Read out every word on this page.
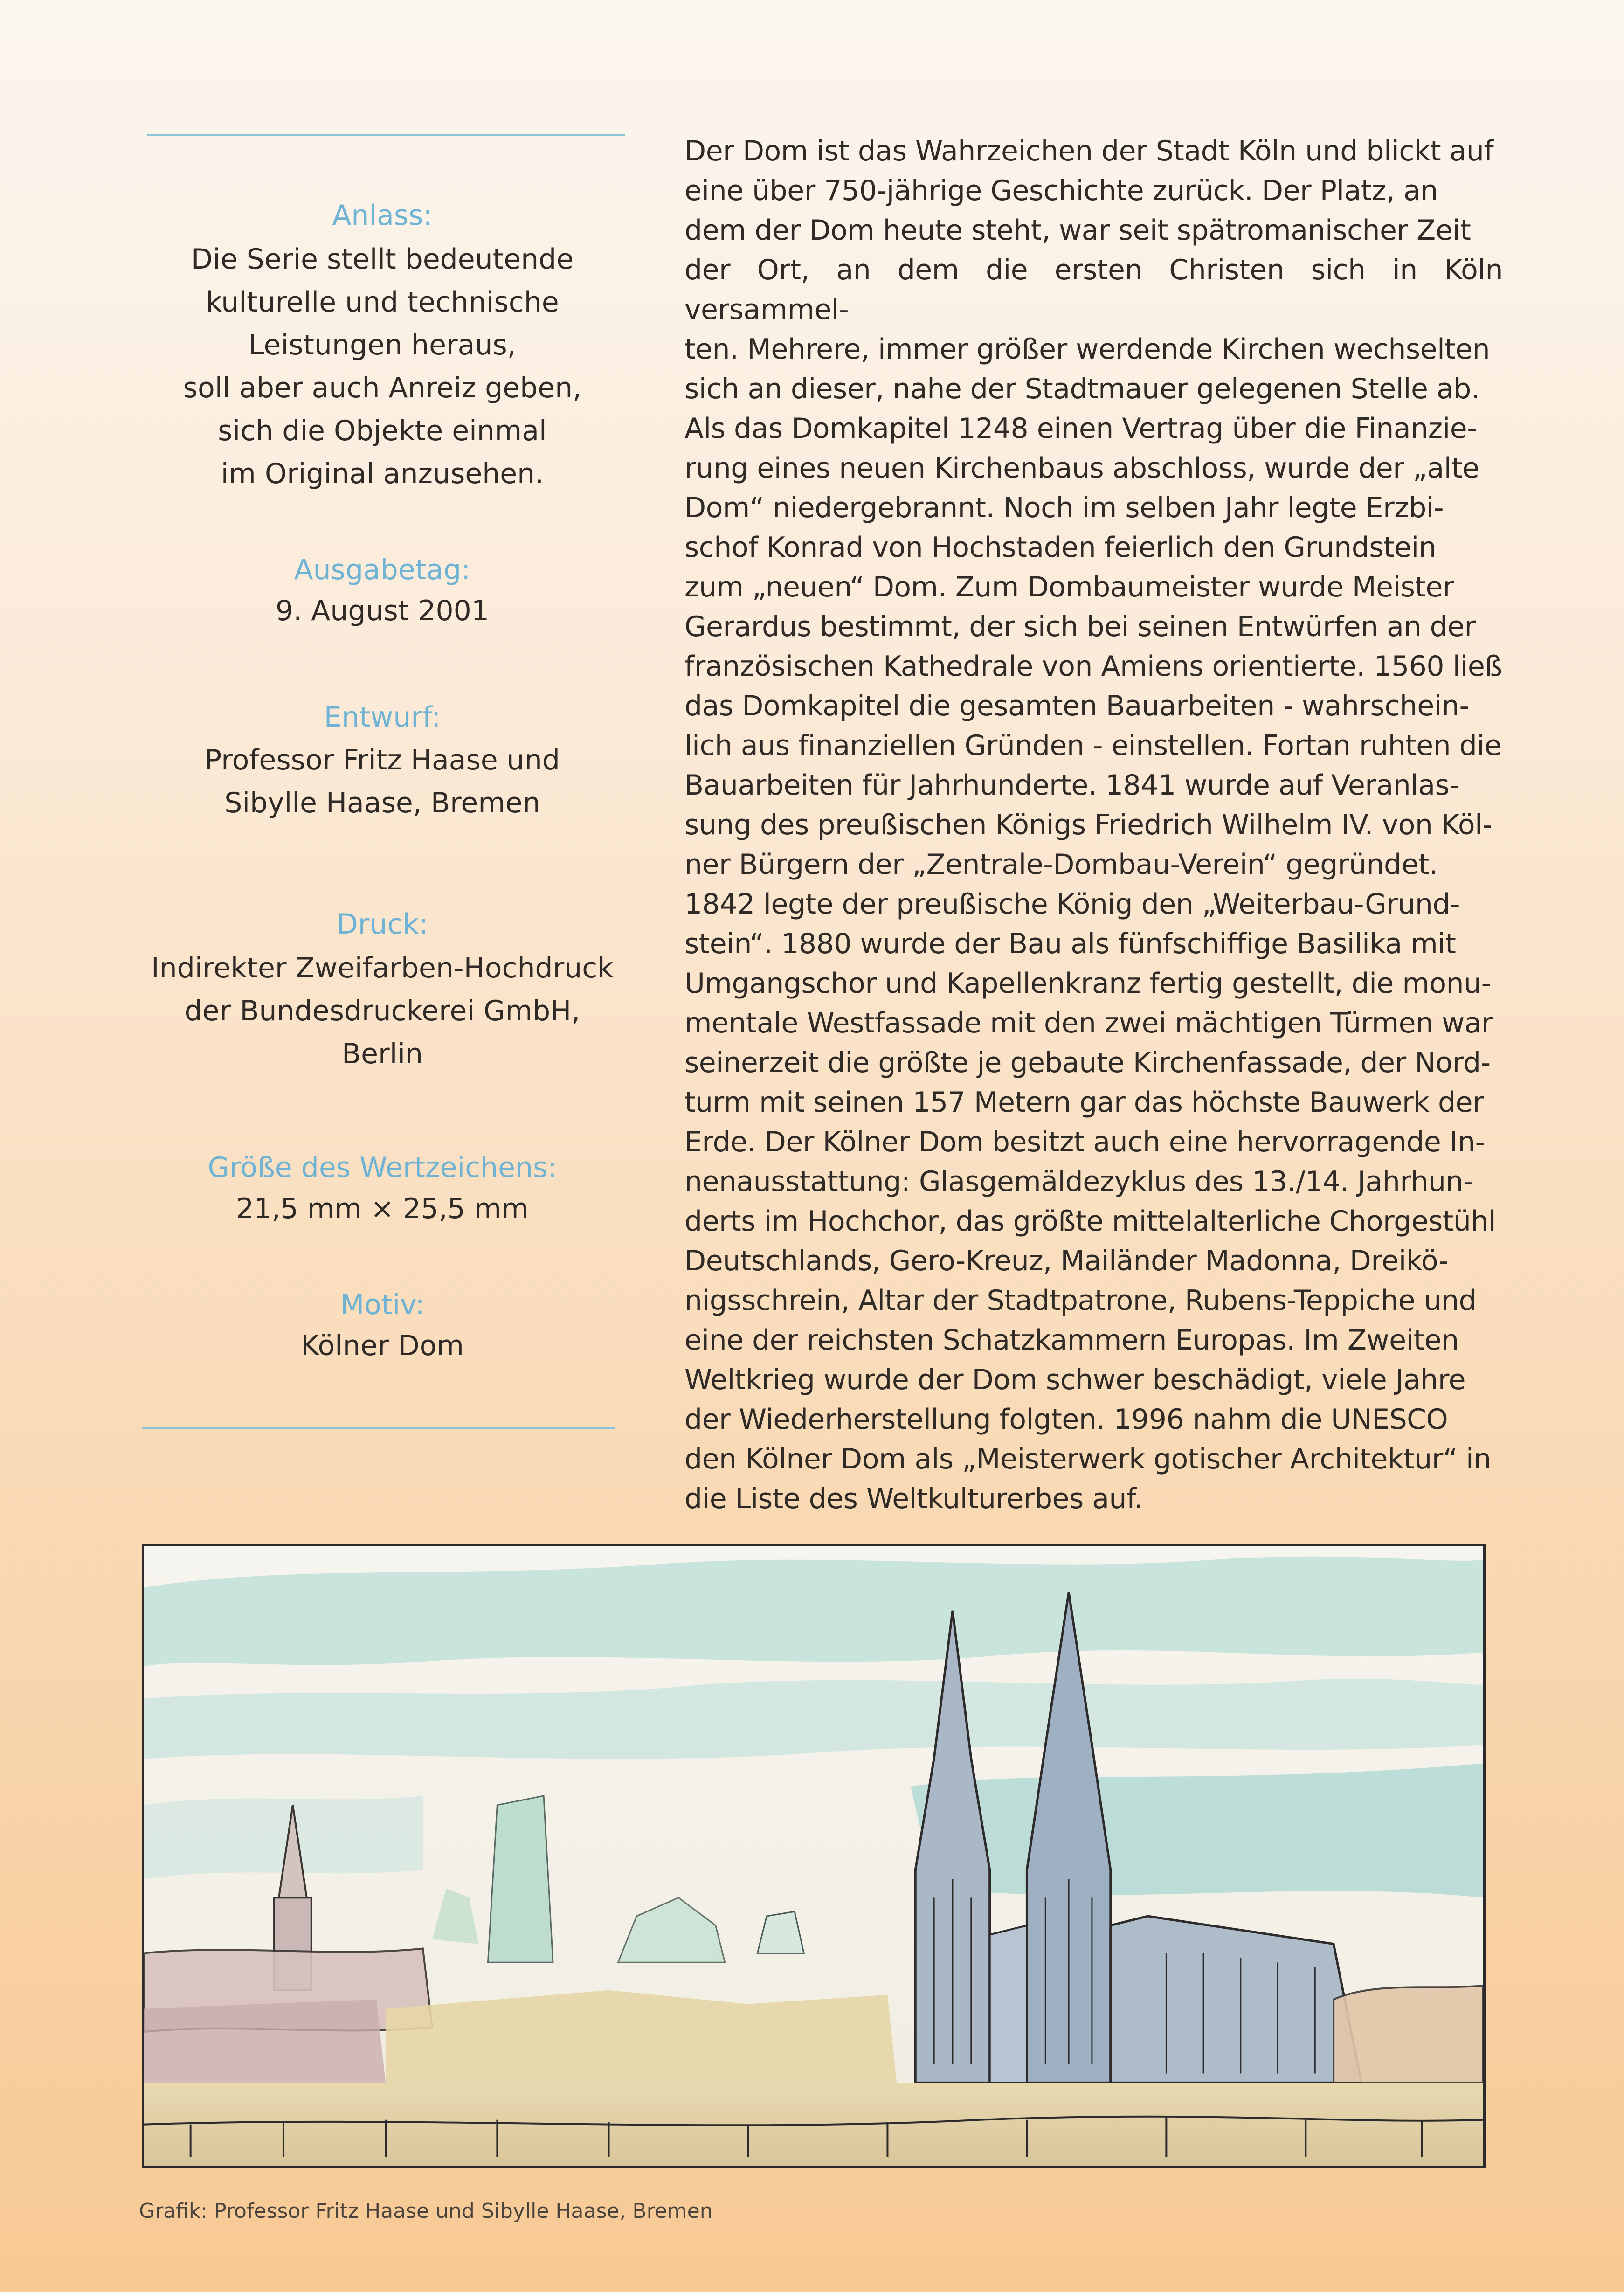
Anlass:
Die Serie stellt bedeutende
kulturelle und technische
Leistungen heraus,
soll aber auch Anreiz geben,
sich die Objekte einmal
im Original anzusehen.
Ausgabetag:
9. August 2001
Entwurf:
Professor Fritz Haase und
Sibylle Haase, Bremen
Druck:
Indirekter Zweifarben-Hochdruck
der Bundesdruckerei GmbH,
Berlin
Größe des Wertzeichens:
21,5 mm × 25,5 mm
Motiv:
Kölner Dom
Der Dom ist das Wahrzeichen der Stadt Köln und blickt auf
eine über 750-jährige Geschichte zurück. Der Platz, an
dem der Dom heute steht, war seit spätromanischer Zeit
der Ort, an dem die ersten Christen sich in Köln versammel-
ten. Mehrere, immer größer werdende Kirchen wechselten
sich an dieser, nahe der Stadtmauer gelegenen Stelle ab.
Als das Domkapitel 1248 einen Vertrag über die Finanzie-
rung eines neuen Kirchenbaus abschloss, wurde der „alte
Dom“ niedergebrannt. Noch im selben Jahr legte Erzbi-
schof Konrad von Hochstaden feierlich den Grundstein
zum „neuen“ Dom. Zum Dombaumeister wurde Meister
Gerardus bestimmt, der sich bei seinen Entwürfen an der
französischen Kathedrale von Amiens orientierte. 1560 ließ
das Domkapitel die gesamten Bauarbeiten - wahrschein-
lich aus finanziellen Gründen - einstellen. Fortan ruhten die
Bauarbeiten für Jahrhunderte. 1841 wurde auf Veranlas-
sung des preußischen Königs Friedrich Wilhelm IV. von Köl-
ner Bürgern der „Zentrale-Dombau-Verein“ gegründet.
1842 legte der preußische König den „Weiterbau-Grund-
stein“. 1880 wurde der Bau als fünfschiffige Basilika mit
Umgangschor und Kapellenkranz fertig gestellt, die monu-
mentale Westfassade mit den zwei mächtigen Türmen war
seinerzeit die größte je gebaute Kirchenfassade, der Nord-
turm mit seinen 157 Metern gar das höchste Bauwerk der
Erde. Der Kölner Dom besitzt auch eine hervorragende In-
nenausstattung: Glasgemäldezyklus des 13./14. Jahrhun-
derts im Hochchor, das größte mittelalterliche Chorgestühl
Deutschlands, Gero-Kreuz, Mailänder Madonna, Dreikö-
nigsschrein, Altar der Stadtpatrone, Rubens-Teppiche und
eine der reichsten Schatzkammern Europas. Im Zweiten
Weltkrieg wurde der Dom schwer beschädigt, viele Jahre
der Wiederherstellung folgten. 1996 nahm die UNESCO
den Kölner Dom als „Meisterwerk gotischer Architektur“ in
die Liste des Weltkulturerbes auf.
Grafik: Professor Fritz Haase und Sibylle Haase, Bremen
